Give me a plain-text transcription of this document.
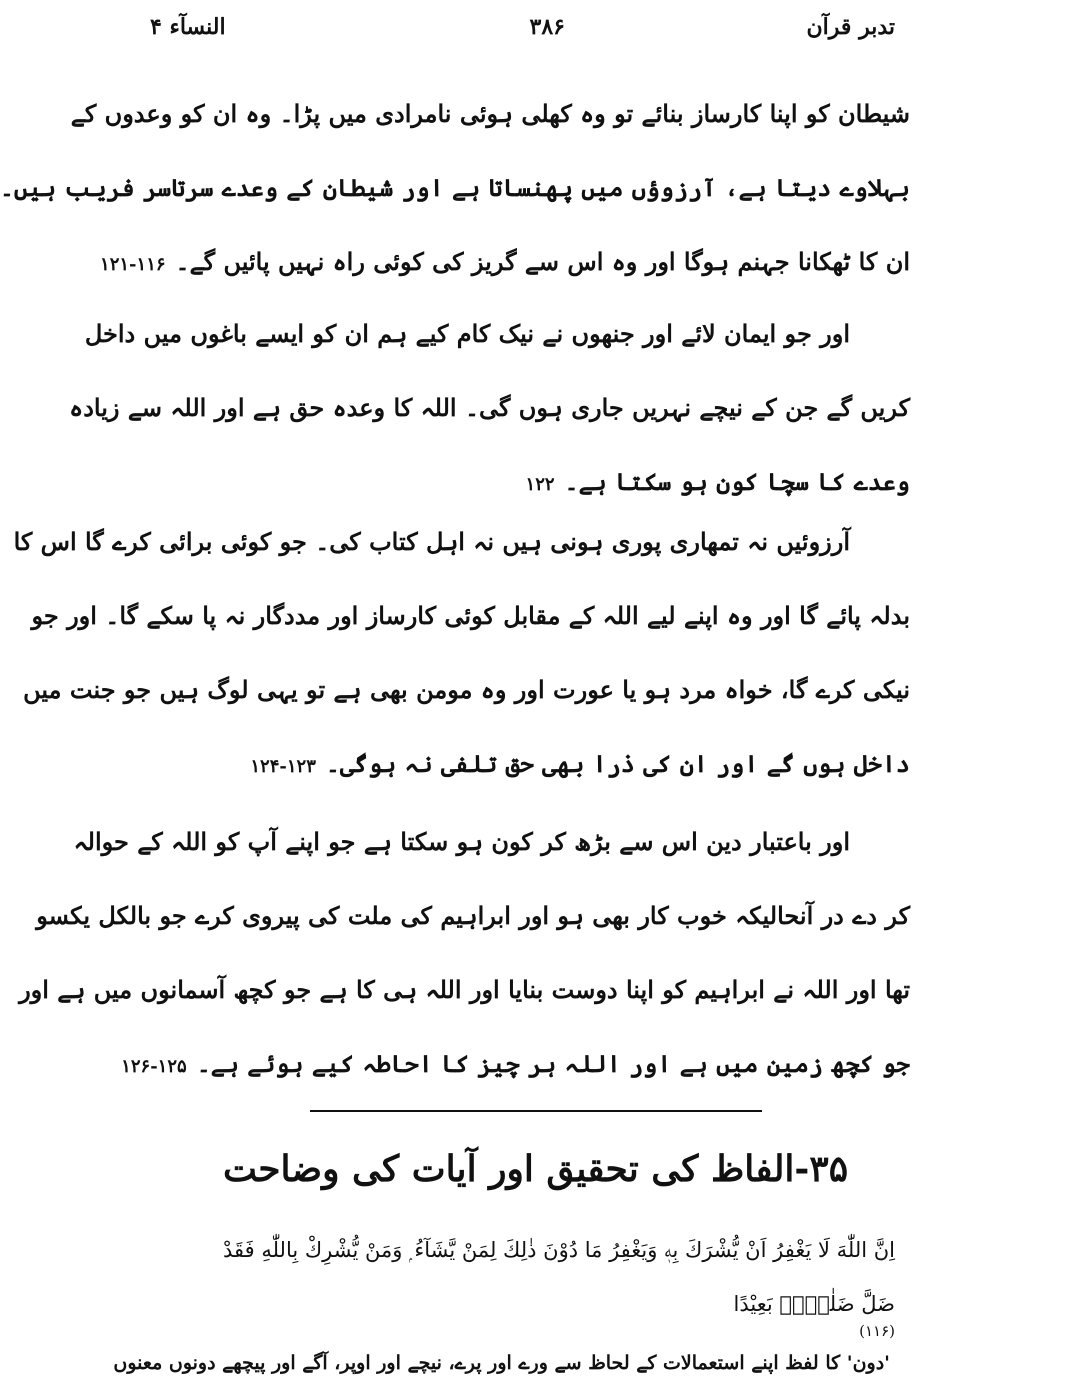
تدبر قرآن
۳۸۶
النسآء ۴
شیطان کو اپنا کارساز بنائے تو وہ کھلی ہوئی نامرادی میں پڑا۔ وہ ان کو وعدوں کے
بہلاوے دیتا ہے، آرزوؤں میں پھنساتا ہے اور شیطان کے وعدے سرتاسر فریب ہیں۔
ان کا ٹھکانا جہنم ہوگا اور وہ اس سے گریز کی کوئی راہ نہیں پائیں گے۔۱۱۶-۱۲۱
اور جو ایمان لائے اور جنھوں نے نیک کام کیے ہم ان کو ایسے باغوں میں داخل
کریں گے جن کے نیچے نہریں جاری ہوں گی۔ اللہ کا وعدہ حق ہے اور اللہ سے زیادہ
وعدے کا سچا کون ہو سکتا ہے۔۱۲۲
آرزوئیں نہ تمھاری پوری ہونی ہیں نہ اہل کتاب کی۔ جو کوئی برائی کرے گا اس کا
بدلہ پائے گا اور وہ اپنے لیے اللہ کے مقابل کوئی کارساز اور مددگار نہ پا سکے گا۔ اور جو
نیکی کرے گا، خواہ مرد ہو یا عورت اور وہ مومن بھی ہے تو یہی لوگ ہیں جو جنت میں
داخل ہوں گے اور ان کی ذرا بھی حق تلفی نہ ہوگی۔۱۲۳-۱۲۴
اور باعتبار دین اس سے بڑھ کر کون ہو سکتا ہے جو اپنے آپ کو اللہ کے حوالہ
کر دے در آنحالیکہ خوب کار بھی ہو اور ابراہیم کی ملت کی پیروی کرے جو بالکل یکسو
تھا اور اللہ نے ابراہیم کو اپنا دوست بنایا اور اللہ ہی کا ہے جو کچھ آسمانوں میں ہے اور
جو کچھ زمین میں ہے اور اللہ ہر چیز کا احاطہ کیے ہوئے ہے۔۱۲۵-۱۲۶
۳۵-الفاظ کی تحقیق اور آیات کی وضاحت
اِنَّ اللّٰهَ لَا يَغْفِرُ اَنْ يُّشْرَكَ بِهٖ وَيَغْفِرُ مَا دُوْنَ ذٰلِكَ لِمَنْ يَّشَآءُ ۭ وَمَنْ يُّشْرِكْ بِاللّٰهِ فَقَدْ
ضَلَّ ضَلٰلًاۢ بَعِيْدًا
(۱۱۶)
'دون' کا لفظ اپنے استعمالات کے لحاظ سے ورے اور پرے، نیچے اور اوپر، آگے اور پیچھے دونوں معنوں
